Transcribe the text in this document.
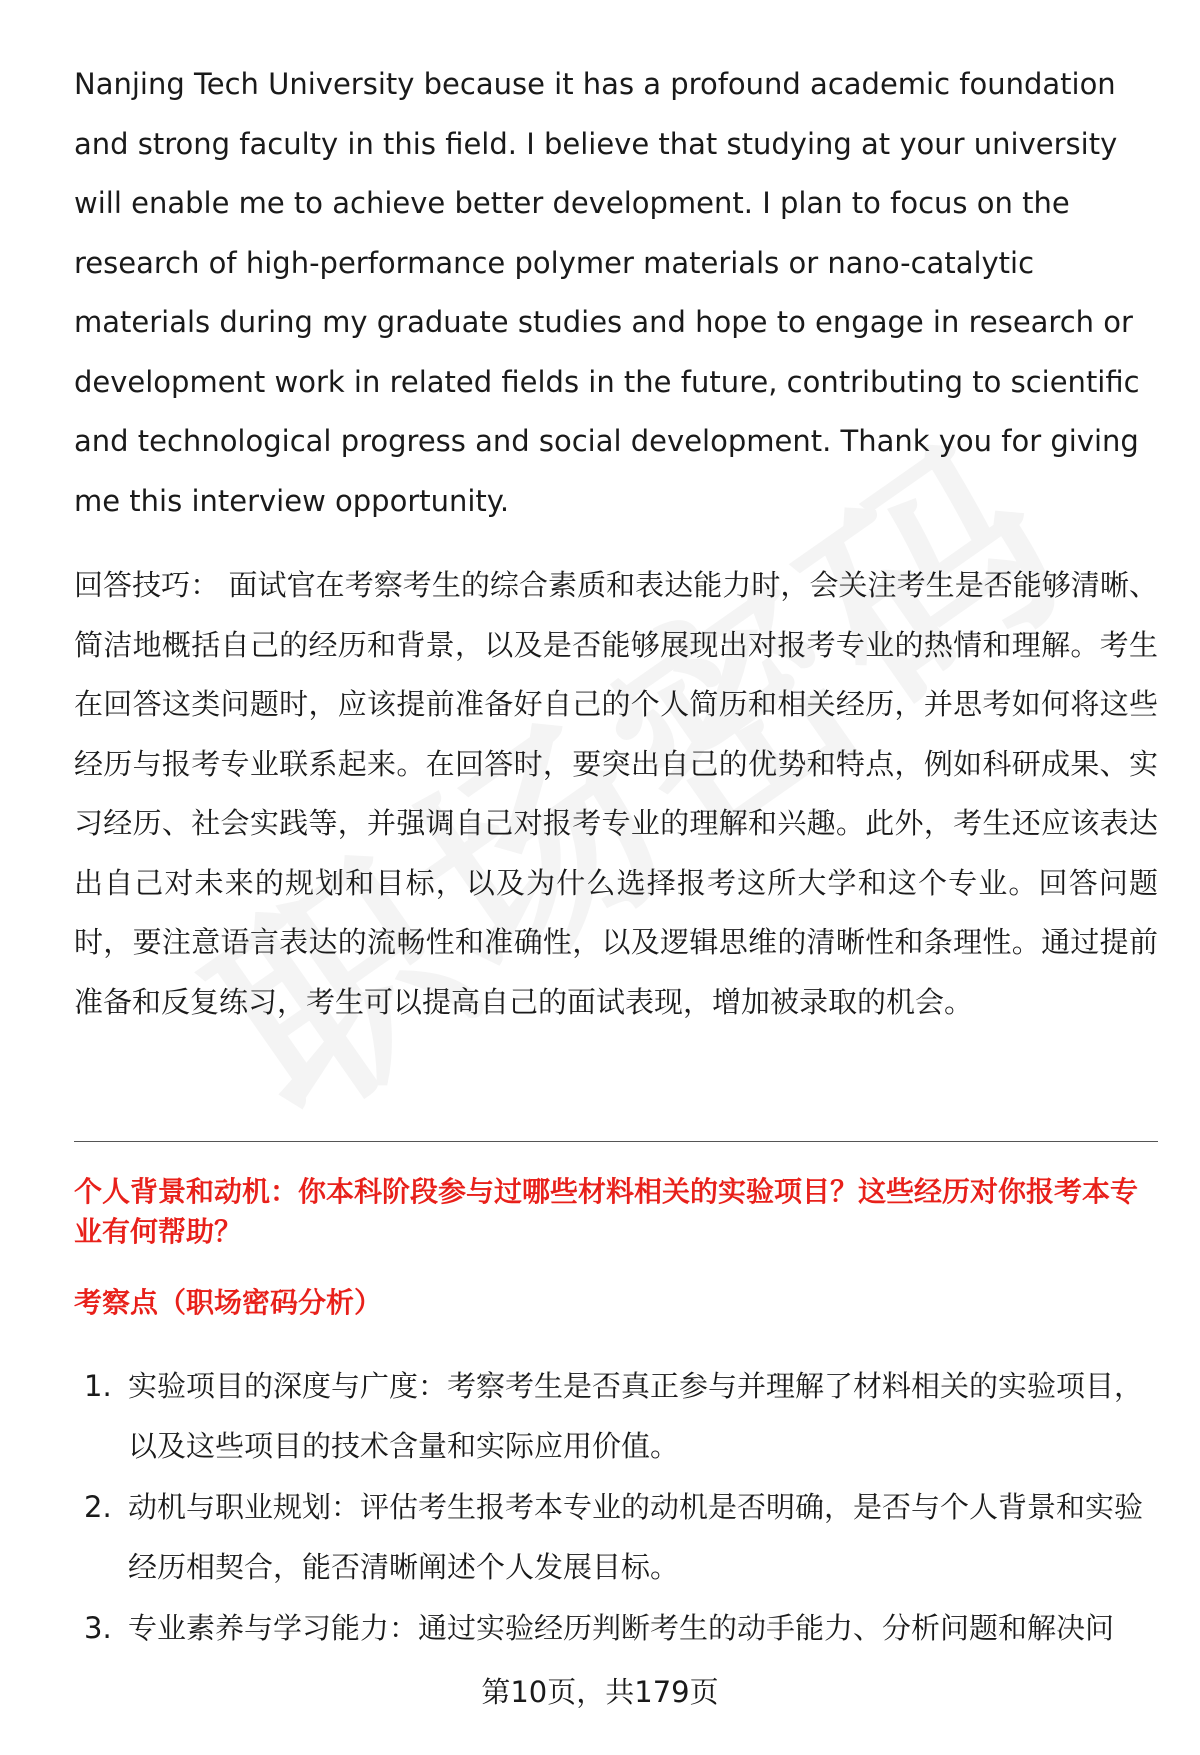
Nanjing Tech University because it has a profound academic foundation and strong faculty in this field. I believe that studying at your university will enable me to achieve better development. I plan to focus on the research of high-performance polymer materials or nano-catalytic materials during my graduate studies and hope to engage in research or development work in related fields in the future, contributing to scientific and technological progress and social development. Thank you for giving me this interview opportunity.

回答技巧： 面试官在考察考生的综合素质和表达能力时，会关注考生是否能够清晰、简洁地概括自己的经历和背景，以及是否能够展现出对报考专业的热情和理解。考生在回答这类问题时，应该提前准备好自己的个人简历和相关经历，并思考如何将这些经历与报考专业联系起来。在回答时，要突出自己的优势和特点，例如科研成果、实习经历、社会实践等，并强调自己对报考专业的理解和兴趣。此外，考生还应该表达出自己对未来的规划和目标，以及为什么选择报考这所大学和这个专业。回答问题时，要注意语言表达的流畅性和准确性，以及逻辑思维的清晰性和条理性。通过提前准备和反复练习，考生可以提高自己的面试表现，增加被录取的机会。

个人背景和动机：你本科阶段参与过哪些材料相关的实验项目？这些经历对你报考本专业有何帮助？

考察点（职场密码分析）

1. 实验项目的深度与广度：考察考生是否真正参与并理解了材料相关的实验项目，以及这些项目的技术含量和实际应用价值。
2. 动机与职业规划：评估考生报考本专业的动机是否明确，是否与个人背景和实验经历相契合，能否清晰阐述个人发展目标。
3. 专业素养与学习能力：通过实验经历判断考生的动手能力、分析问题和解决问
第10页，共179页
